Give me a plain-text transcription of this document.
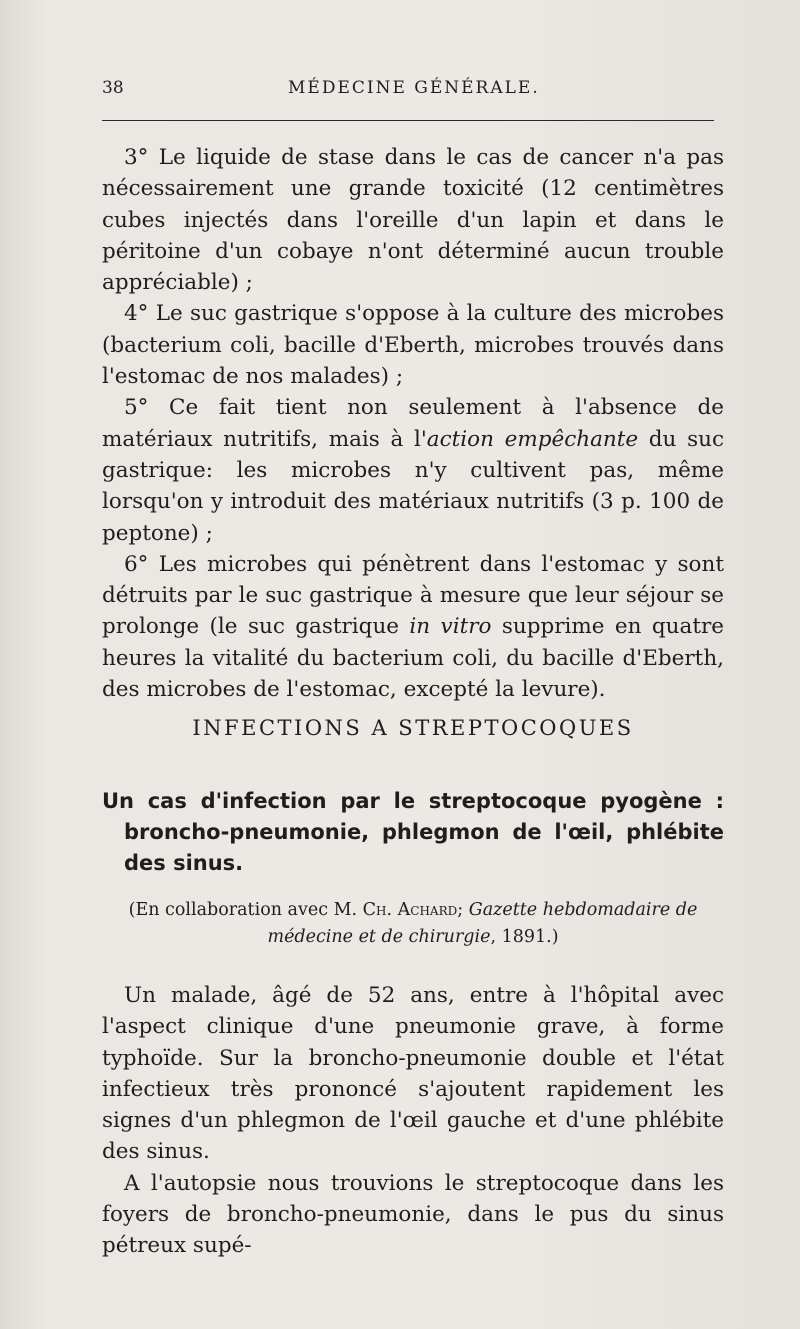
38	MÉDECINE GÉNÉRALE.

3° Le liquide de stase dans le cas de cancer n'a pas nécessairement une grande toxicité (12 centimètres cubes injectés dans l'oreille d'un lapin et dans le péritoine d'un cobaye n'ont déterminé aucun trouble appréciable) ;

4° Le suc gastrique s'oppose à la culture des microbes (bacterium coli, bacille d'Eberth, microbes trouvés dans l'estomac de nos malades) ;

5° Ce fait tient non seulement à l'absence de matériaux nutritifs, mais à l'action empêchante du suc gastrique: les microbes n'y cultivent pas, même lorsqu'on y introduit des matériaux nutritifs (3 p. 100 de peptone) ;

6° Les microbes qui pénètrent dans l'estomac y sont détruits par le suc gastrique à mesure que leur séjour se prolonge (le suc gastrique in vitro supprime en quatre heures la vitalité du bacterium coli, du bacille d'Eberth, des microbes de l'estomac, excepté la levure).

INFECTIONS A STREPTOCOQUES
Un cas d'infection par le streptocoque pyogène : broncho-pneumonie, phlegmon de l'œil, phlébite des sinus.
(En collaboration avec M. Ch. Achard; Gazette hebdomadaire de médecine et de chirurgie, 1891.)

Un malade, âgé de 52 ans, entre à l'hôpital avec l'aspect clinique d'une pneumonie grave, à forme typhoïde. Sur la broncho-pneumonie double et l'état infectieux très prononcé s'ajoutent rapidement les signes d'un phlegmon de l'œil gauche et d'une phlébite des sinus.

A l'autopsie nous trouvions le streptocoque dans les foyers de broncho-pneumonie, dans le pus du sinus pétreux supé-
